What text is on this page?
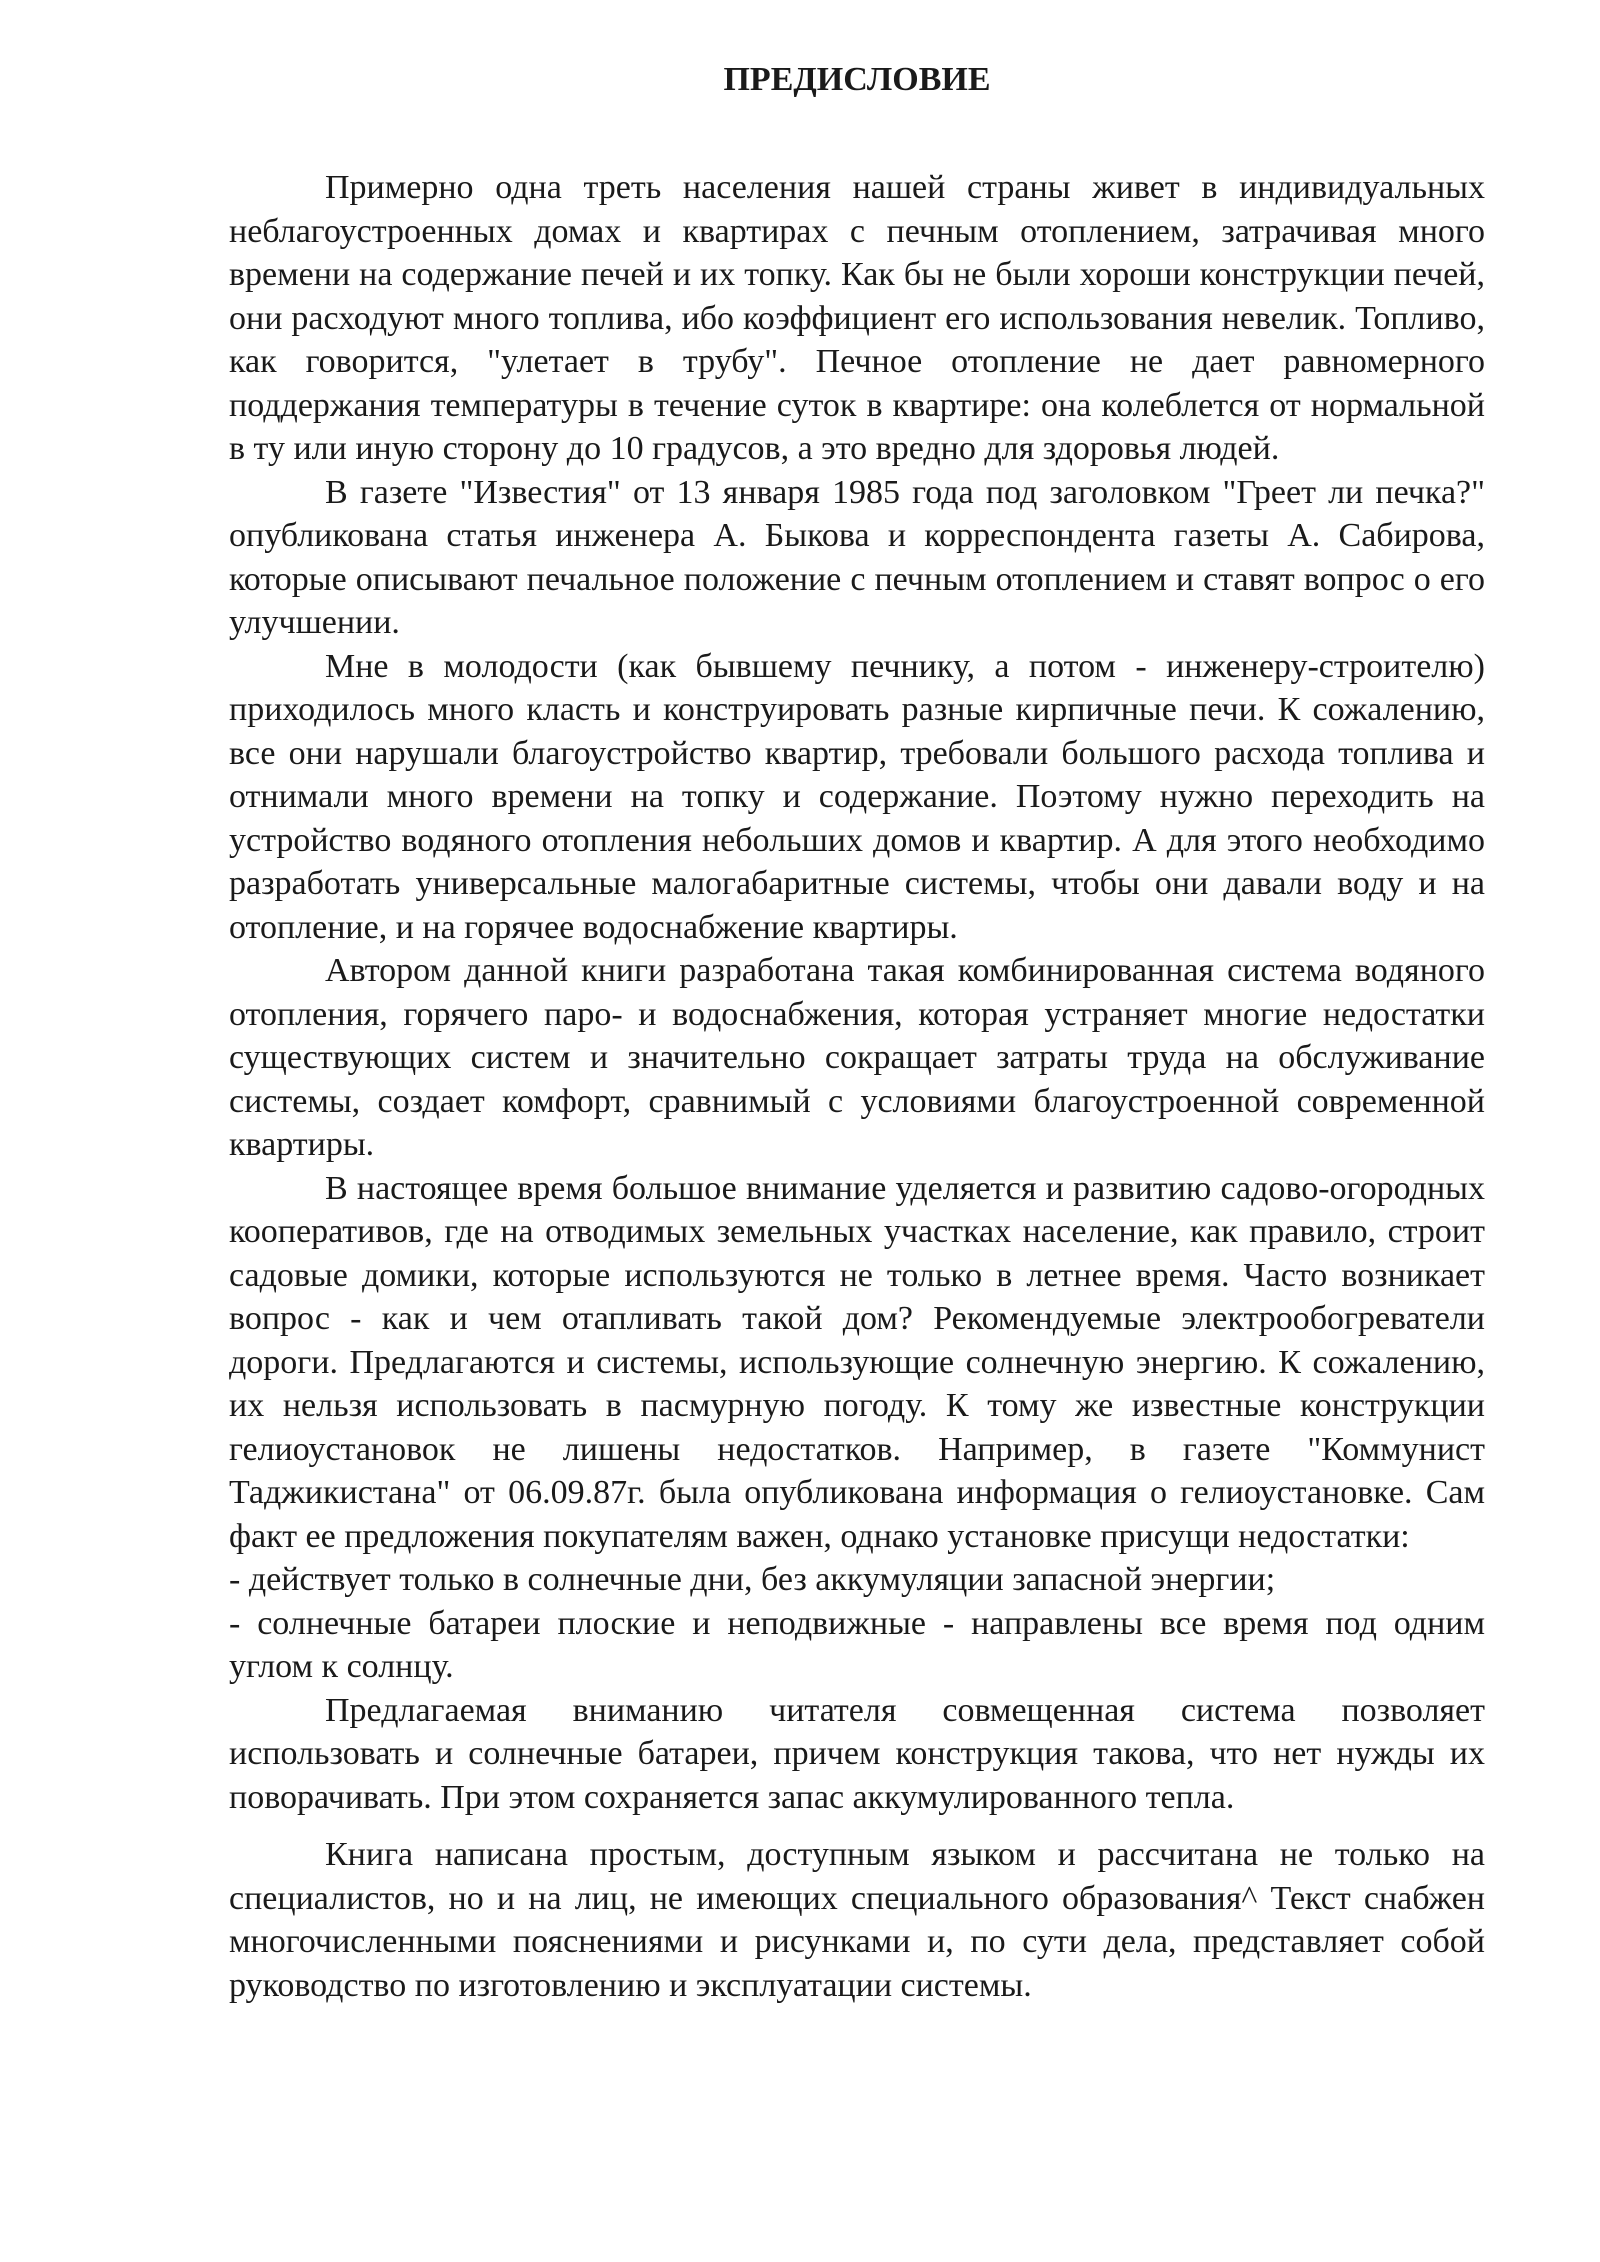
ПРЕДИСЛОВИЕ

Примерно одна треть населения нашей страны живет в индивидуальных неблагоустроенных домах и квартирах с печным отоплением, затрачивая много времени на содержание печей и их топку. Как бы не были хороши конструкции печей, они расходуют много топлива, ибо коэффициент его использования невелик. Топливо, как говорится, "улетает в трубу". Печное отопление не дает равномерного поддержания температуры в течение суток в квартире: она колеблется от нормальной в ту или иную сторону до 10 градусов, а это вредно для здоровья людей.

В газете "Известия" от 13 января 1985 года под заголовком "Греет ли печка?" опубликована статья инженера А. Быкова и корреспондента газеты А. Сабирова, которые описывают печальное положение с печным отоплением и ставят вопрос о его улучшении.

Мне в молодости (как бывшему печнику, а потом - инженеру-строителю) приходилось много класть и конструировать разные кирпичные печи. К сожалению, все они нарушали благоустройство квартир, требовали большого расхода топлива и отнимали много времени на топку и содержание. Поэтому нужно переходить на устройство водяного отопления небольших домов и квартир. А для этого необходимо разработать универсальные малогабаритные системы, чтобы они давали воду и на отопление, и на горячее водоснабжение квартиры.

Автором данной книги разработана такая комбинированная система водяного отопления, горячего паро- и водоснабжения, которая устраняет многие недостатки существующих систем и значительно сокращает затраты труда на обслуживание системы, создает комфорт, сравнимый с условиями благоустроенной современной квартиры.

В настоящее время большое внимание уделяется и развитию садово-огородных кооперативов, где на отводимых земельных участках население, как правило, строит садовые домики, которые используются не только в летнее время. Часто возникает вопрос - как и чем отапливать такой дом? Рекомендуемые электрообогреватели дороги. Предлагаются и системы, использующие солнечную энергию. К сожалению, их нельзя использовать в пасмурную погоду. К тому же известные конструкции гелиоустановок не лишены недостатков. Например, в газете "Коммунист Таджикистана" от 06.09.87г. была опубликована информация о гелиоустановке. Сам факт ее предложения покупателям важен, однако установке присущи недостатки:

- действует только в солнечные дни, без аккумуляции запасной энергии;

- солнечные батареи плоские и неподвижные - направлены все время под одним углом к солнцу.

Предлагаемая вниманию читателя совмещенная система позволяет использовать и солнечные батареи, причем конструкция такова, что нет нужды их поворачивать. При этом сохраняется запас аккумулированного тепла.

Книга написана простым, доступным языком и рассчитана не только на специалистов, но и на лиц, не имеющих специального образования^ Текст снабжен многочисленными пояснениями и рисунками и, по сути дела, представляет собой руководство по изготовлению и эксплуатации системы.
